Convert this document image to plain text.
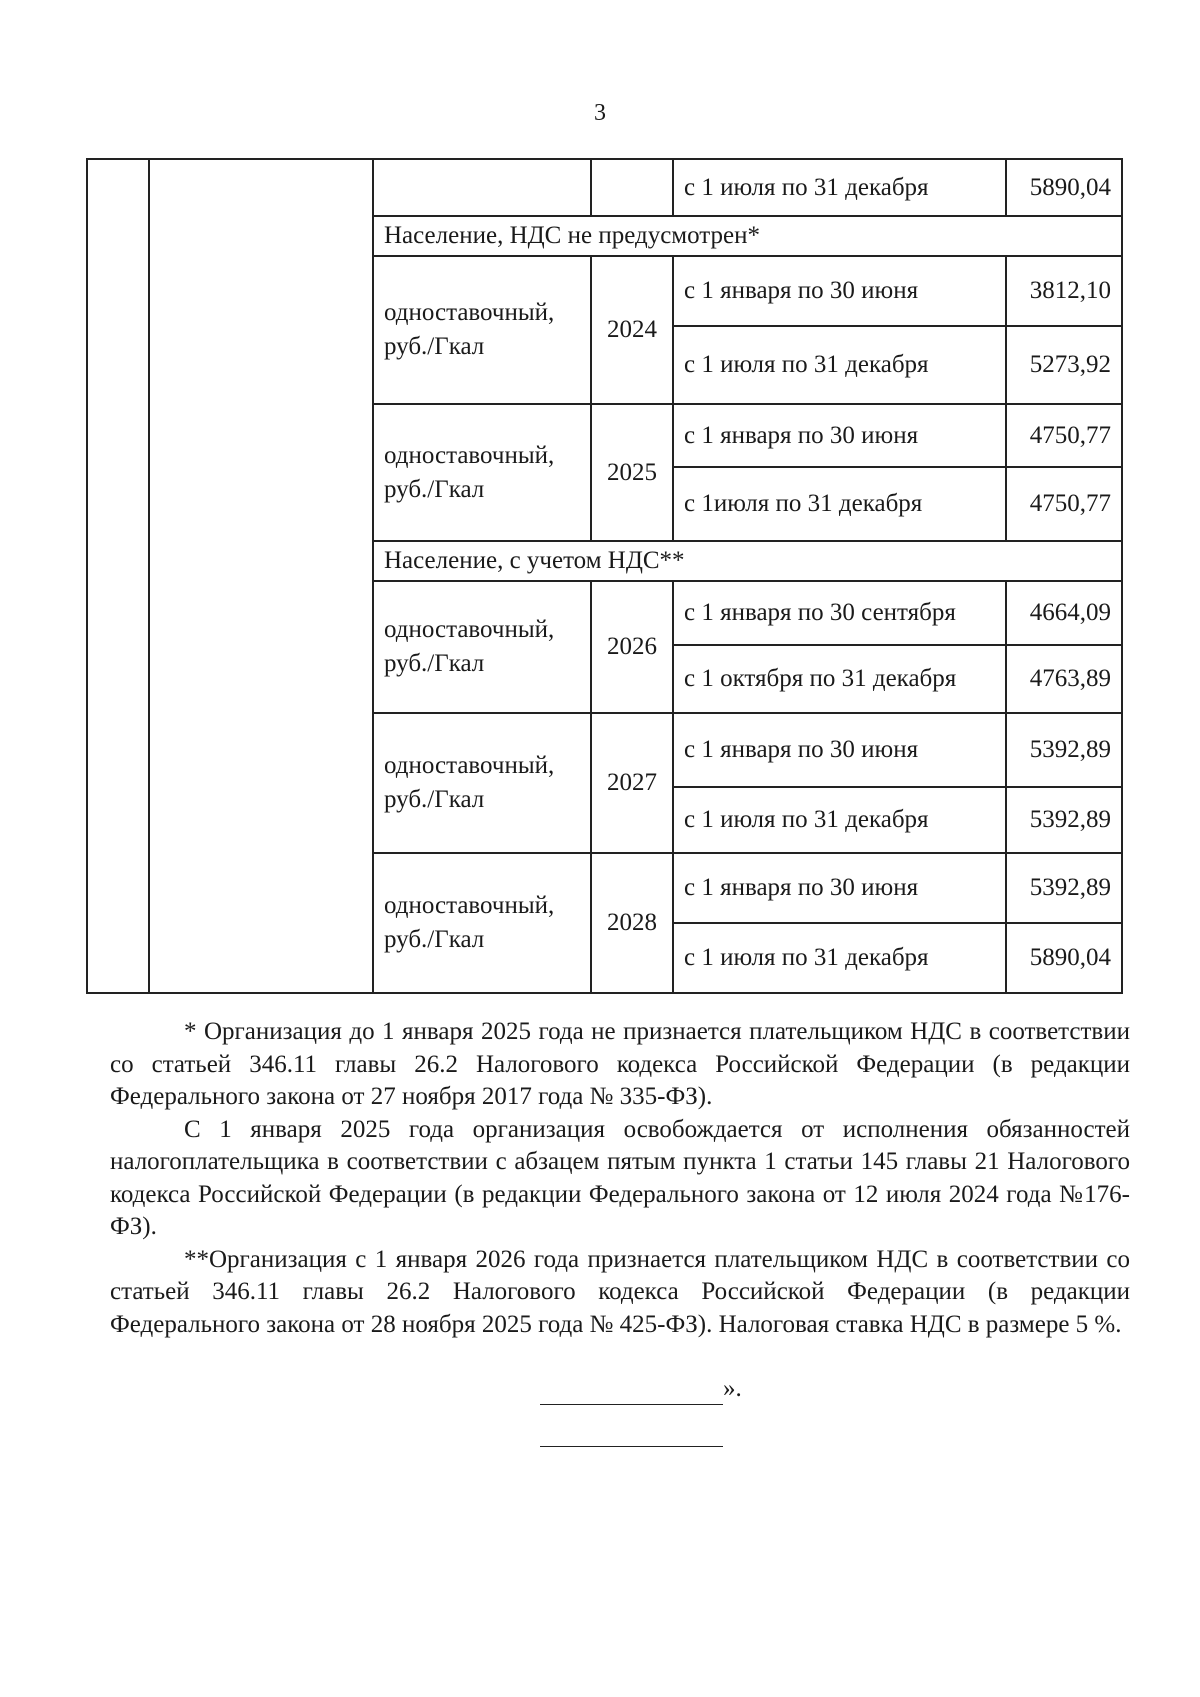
3
				с 1 июля по 31 декабря	5890,04
		Население, НДС не предусмотрен*			
		одноставочный, руб./Гкал	2024	с 1 января по 30 июня	3812,10
				с 1 июля по 31 декабря	5273,92
		одноставочный, руб./Гкал	2025	с 1 января по 30 июня	4750,77
				с 1июля по 31 декабря	4750,77
		Население, с учетом НДС**			
		одноставочный, руб./Гкал	2026	с 1 января по 30 сентября	4664,09
				с 1 октября по 31 декабря	4763,89
		одноставочный, руб./Гкал	2027	с 1 января по 30 июня	5392,89
				с 1 июля по 31 декабря	5392,89
		одноставочный, руб./Гкал	2028	с 1 января по 30 июня	5392,89
				с 1 июля по 31 декабря	5890,04

* Организация до 1 января 2025 года не признается плательщиком НДС в соответствии со статьей 346.11 главы 26.2 Налогового кодекса Российской Федерации (в редакции Федерального закона от 27 ноября 2017 года № 335-ФЗ).

С 1 января 2025 года организация освобождается от исполнения обязанностей налогоплательщика в соответствии с абзацем пятым пункта 1 статьи 145 главы 21 Налогового кодекса Российской Федерации (в редакции Федерального закона от 12 июля 2024 года №176-ФЗ).

**Организация с 1 января 2026 года признается плательщиком НДС в соответствии со статьей 346.11 главы 26.2 Налогового кодекса Российской Федерации (в редакции Федерального закона от 28 ноября 2025 года № 425-ФЗ). Налоговая ставка НДС в размере 5 %.

».
